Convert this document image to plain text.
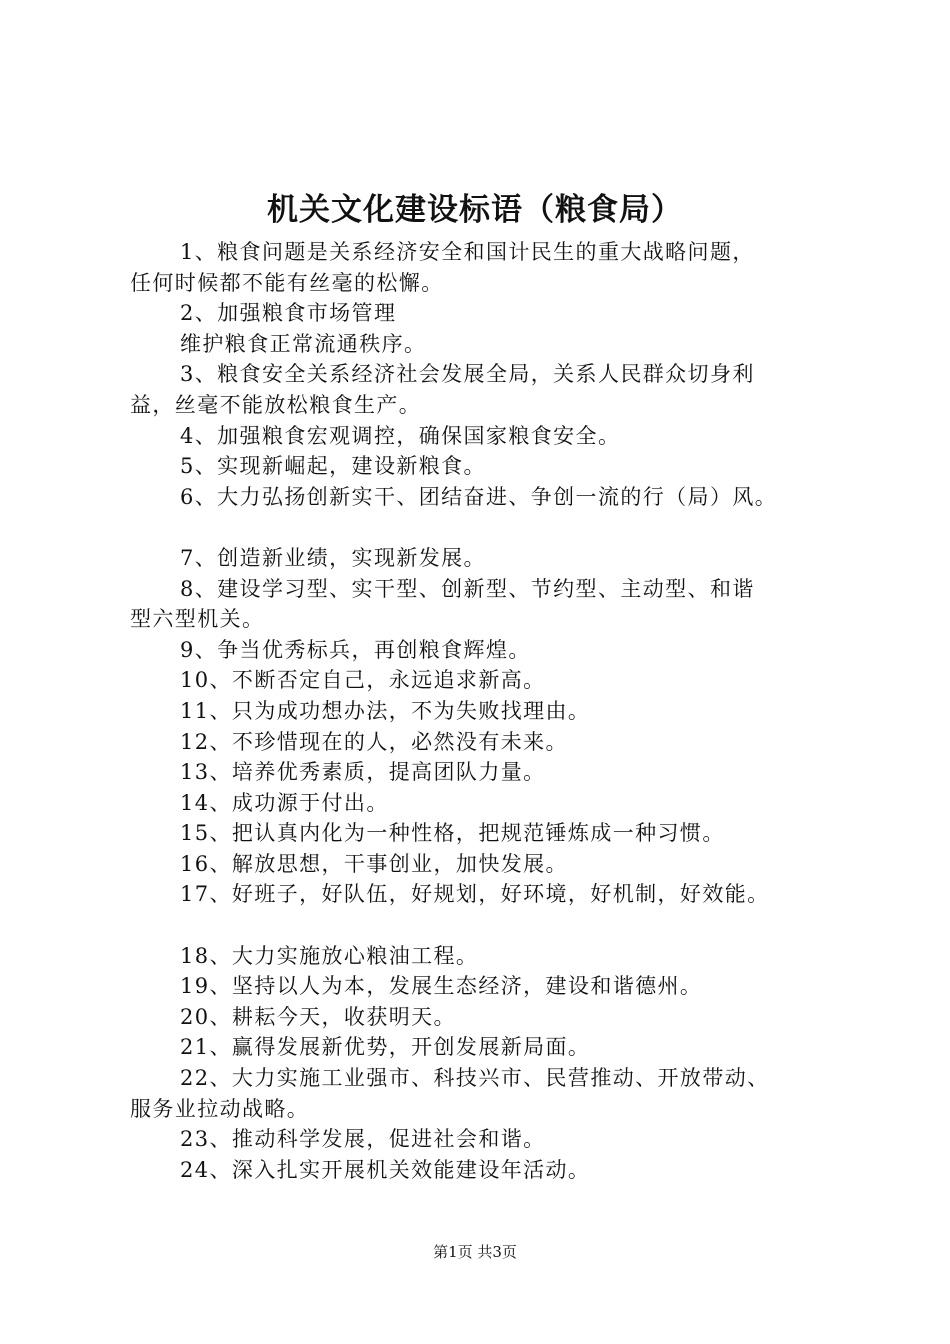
机关文化建设标语（粮食局）
1、粮食问题是关系经济安全和国计民生的重大战略问题，
任何时候都不能有丝毫的松懈。
2、加强粮食市场管理
维护粮食正常流通秩序。
3、粮食安全关系经济社会发展全局，关系人民群众切身利
益，丝毫不能放松粮食生产。
4、加强粮食宏观调控，确保国家粮食安全。
5、实现新崛起，建设新粮食。
6、大力弘扬创新实干、团结奋进、争创一流的行（局）风。
7、创造新业绩，实现新发展。
8、建设学习型、实干型、创新型、节约型、主动型、和谐
型六型机关。
9、争当优秀标兵，再创粮食辉煌。
10、不断否定自己，永远追求新高。
11、只为成功想办法，不为失败找理由。
12、不珍惜现在的人，必然没有未来。
13、培养优秀素质，提高团队力量。
14、成功源于付出。
15、把认真内化为一种性格，把规范锤炼成一种习惯。
16、解放思想，干事创业，加快发展。
17、好班子，好队伍，好规划，好环境，好机制，好效能。
18、大力实施放心粮油工程。
19、坚持以人为本，发展生态经济，建设和谐德州。
20、耕耘今天，收获明天。
21、赢得发展新优势，开创发展新局面。
22、大力实施工业强市、科技兴市、民营推动、开放带动、
服务业拉动战略。
23、推动科学发展，促进社会和谐。
24、深入扎实开展机关效能建设年活动。
第1页 共3页
